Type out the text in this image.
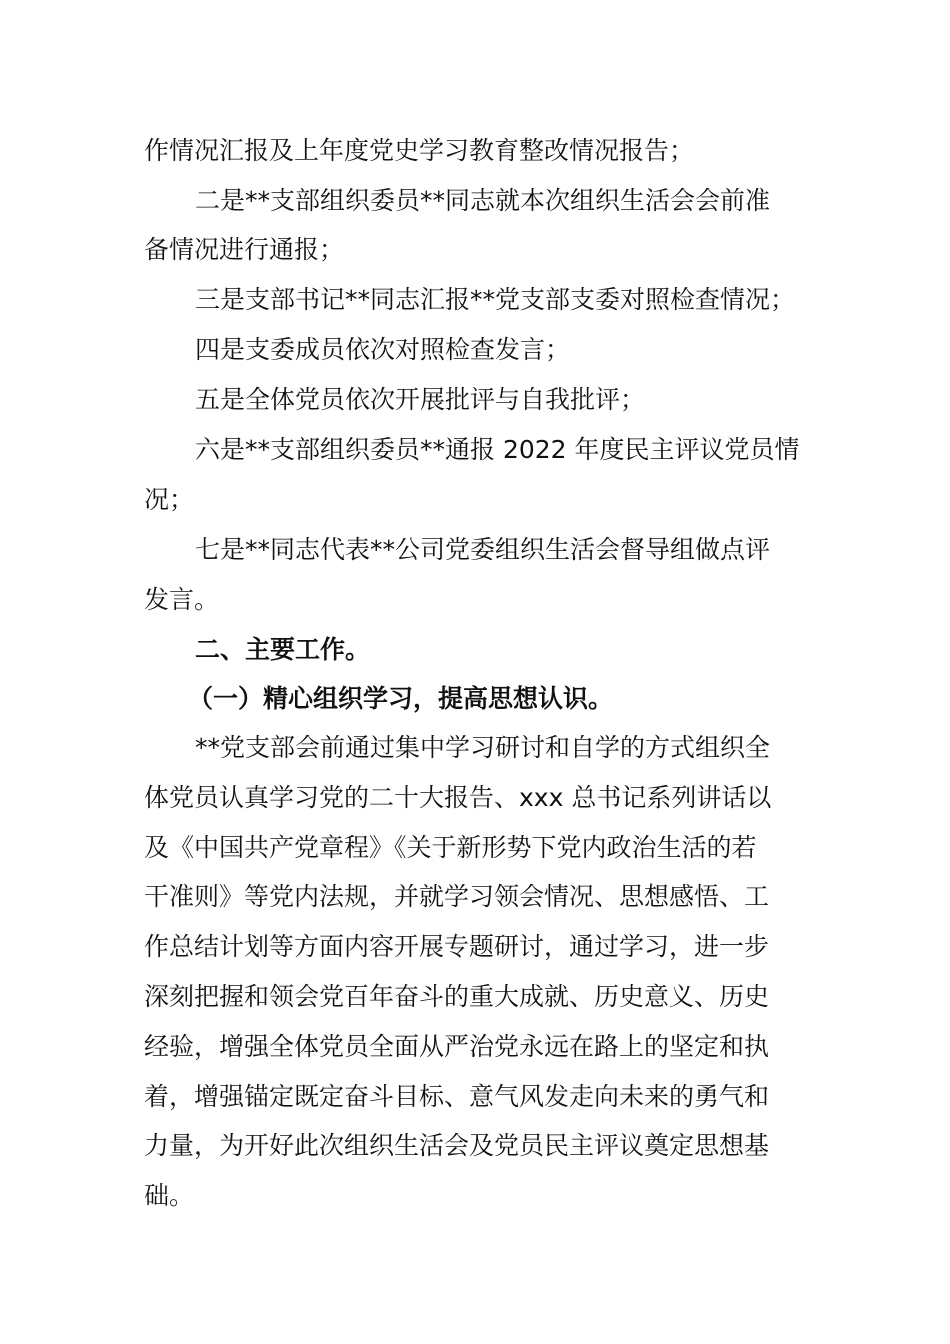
作情况汇报及上年度党史学习教育整改情况报告；
二是**支部组织委员**同志就本次组织生活会会前准
备情况进行通报；
三是支部书记**同志汇报**党支部支委对照检查情况；
四是支委成员依次对照检查发言；
五是全体党员依次开展批评与自我批评；
六是**支部组织委员**通报 2022 年度民主评议党员情
况；
七是**同志代表**公司党委组织生活会督导组做点评
发言。
二、主要工作。
（一）精心组织学习，提高思想认识。
**党支部会前通过集中学习研讨和自学的方式组织全
体党员认真学习党的二十大报告、xxx 总书记系列讲话以
及《中国共产党章程》《关于新形势下党内政治生活的若
干准则》等党内法规，并就学习领会情况、思想感悟、工
作总结计划等方面内容开展专题研讨，通过学习，进一步
深刻把握和领会党百年奋斗的重大成就、历史意义、历史
经验，增强全体党员全面从严治党永远在路上的坚定和执
着，增强锚定既定奋斗目标、意气风发走向未来的勇气和
力量，为开好此次组织生活会及党员民主评议奠定思想基
础。
